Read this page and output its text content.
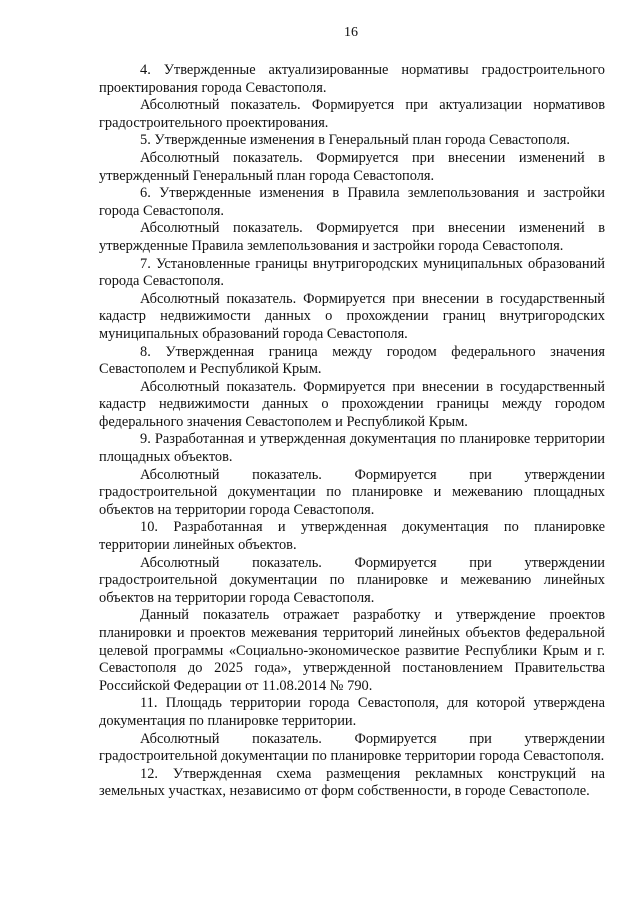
16

4. Утвержденные актуализированные нормативы градостроительного проектирования города Севастополя.

Абсолютный показатель. Формируется при актуализации нормативов градостроительного проектирования.

5. Утвержденные изменения в Генеральный план города Севастополя.

Абсолютный показатель. Формируется при внесении изменений в утвержденный Генеральный план города Севастополя.

6. Утвержденные изменения в Правила землепользования и застройки города Севастополя.

Абсолютный показатель. Формируется при внесении изменений в утвержденные Правила землепользования и застройки города Севастополя.

7. Установленные границы внутригородских муниципальных образований города Севастополя.

Абсолютный показатель. Формируется при внесении в государственный кадастр недвижимости данных о прохождении границ внутригородских муниципальных образований города Севастополя.

8. Утвержденная граница между городом федерального значения Севастополем и Республикой Крым.

Абсолютный показатель. Формируется при внесении в государственный кадастр недвижимости данных о прохождении границы между городом федерального значения Севастополем и Республикой Крым.

9. Разработанная и утвержденная документация по планировке территории площадных объектов.

Абсолютный показатель. Формируется при утверждении градостроительной документации по планировке и межеванию площадных объектов на территории города Севастополя.

10. Разработанная и утвержденная документация по планировке территории линейных объектов.

Абсолютный показатель. Формируется при утверждении градостроительной документации по планировке и межеванию линейных объектов на территории города Севастополя.

Данный показатель отражает разработку и утверждение проектов планировки и проектов межевания территорий линейных объектов федеральной целевой программы «Социально-экономическое развитие Республики Крым и г. Севастополя до 2025 года», утвержденной постановлением Правительства Российской Федерации от 11.08.2014 № 790.

11. Площадь территории города Севастополя, для которой утверждена документация по планировке территории.

Абсолютный показатель. Формируется при утверждении градостроительной документации по планировке территории города Севастополя.

12. Утвержденная схема размещения рекламных конструкций на земельных участках, независимо от форм собственности, в городе Севастополе.
